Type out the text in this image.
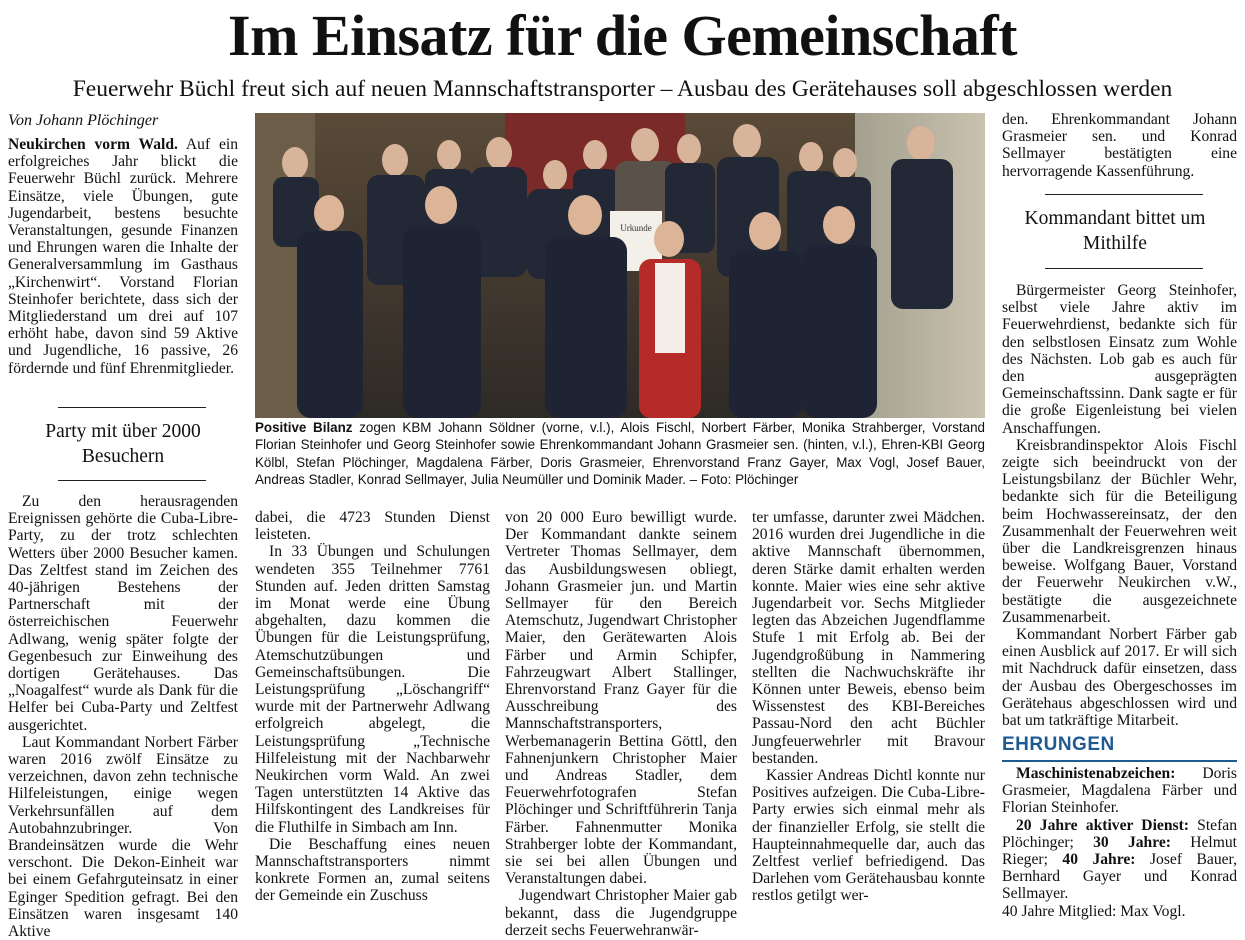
Im Einsatz für die Gemeinschaft
Feuerwehr Büchl freut sich auf neuen Mannschaftstransporter – Ausbau des Gerätehauses soll abgeschlossen werden
Von Johann Plöchinger

Neukirchen vorm Wald. Auf ein erfolgreiches Jahr blickt die Feuerwehr Büchl zurück. Mehrere Einsätze, viele Übungen, gute Jugendarbeit, bestens besuchte Veranstaltungen, gesunde Finanzen und Ehrungen waren die Inhalte der Generalversammlung im Gasthaus „Kirchenwirt“. Vorstand Florian Steinhofer berichtete, dass sich der Mitgliederstand um drei auf 107 erhöht habe, davon sind 59 Aktive und Jugendliche, 16 passive, 26 fördernde und fünf Ehrenmitglieder.

Party mit über 2000 Besuchern

Zu den herausragenden Ereignissen gehörte die Cuba-Libre-Party, zu der trotz schlechten Wetters über 2000 Besucher kamen. Das Zeltfest stand im Zeichen des 40-jährigen Bestehens der Partnerschaft mit der österreichischen Feuerwehr Adlwang, wenig später folgte der Gegenbesuch zur Einweihung des dortigen Gerätehauses. Das „Noagalfest“ wurde als Dank für die Helfer bei Cuba-Party und Zeltfest ausgerichtet.

Laut Kommandant Norbert Färber waren 2016 zwölf Einsätze zu verzeichnen, davon zehn technische Hilfeleistungen, einige wegen Verkehrsunfällen auf dem Autobahnzubringer. Von Brandeinsätzen wurde die Wehr verschont. Die Dekon-Einheit war bei einem Gefahrguteinsatz in einer Eginger Spedition gefragt. Bei den Einsätzen waren insgesamt 140 Aktive

Urkunde
Positive Bilanz zogen KBM Johann Söldner (vorne, v.l.), Alois Fischl, Norbert Färber, Monika Strahberger, Vorstand Florian Steinhofer und Georg Steinhofer sowie Ehrenkommandant Johann Grasmeier sen. (hinten, v.l.), Ehren-KBI Georg Kölbl, Stefan Plöchinger, Magdalena Färber, Doris Grasmeier, Ehrenvorstand Franz Gayer, Max Vogl, Josef Bauer, Andreas Stadler, Konrad Sellmayer, Julia Neumüller und Dominik Mader. – Foto: Plöchinger

dabei, die 4723 Stunden Dienst leisteten.

In 33 Übungen und Schulungen wendeten 355 Teilnehmer 7761 Stunden auf. Jeden dritten Samstag im Monat werde eine Übung abgehalten, dazu kommen die Übungen für die Leistungsprüfung, Atemschutzübungen und Gemeinschaftsübungen. Die Leistungsprüfung „Löschangriff“ wurde mit der Partnerwehr Adlwang erfolgreich abgelegt, die Leistungsprüfung „Technische Hilfeleistung mit der Nachbarwehr Neukirchen vorm Wald. An zwei Tagen unterstützten 14 Aktive das Hilfskontingent des Landkreises für die Fluthilfe in Simbach am Inn.

Die Beschaffung eines neuen Mannschaftstransporters nimmt konkrete Formen an, zumal seitens der Gemeinde ein Zuschuss

von 20 000 Euro bewilligt wurde. Der Kommandant dankte seinem Vertreter Thomas Sellmayer, dem das Ausbildungswesen obliegt, Johann Grasmeier jun. und Martin Sellmayer für den Bereich Atemschutz, Jugendwart Christopher Maier, den Gerätewarten Alois Färber und Armin Schipfer, Fahrzeugwart Albert Stallinger, Ehrenvorstand Franz Gayer für die Ausschreibung des Mannschaftstransporters, Werbemanagerin Bettina Göttl, den Fahnenjunkern Christopher Maier und Andreas Stadler, dem Feuerwehrfotografen Stefan Plöchinger und Schriftführerin Tanja Färber. Fahnenmutter Monika Strahberger lobte der Kommandant, sie sei bei allen Übungen und Veranstaltungen dabei.

Jugendwart Christopher Maier gab bekannt, dass die Jugendgruppe derzeit sechs Feuerwehranwär-

ter umfasse, darunter zwei Mädchen. 2016 wurden drei Jugendliche in die aktive Mannschaft übernommen, deren Stärke damit erhalten werden konnte. Maier wies eine sehr aktive Jugendarbeit vor. Sechs Mitglieder legten das Abzeichen Jugendflamme Stufe 1 mit Erfolg ab. Bei der Jugendgroßübung in Nammering stellten die Nachwuchskräfte ihr Können unter Beweis, ebenso beim Wissenstest des KBI-Bereiches Passau-Nord den acht Büchler Jungfeuerwehrler mit Bravour bestanden.

Kassier Andreas Dichtl konnte nur Positives aufzeigen. Die Cuba-Libre-Party erwies sich einmal mehr als der finanzieller Erfolg, sie stellt die Haupteinnahmequelle dar, auch das Zeltfest verlief befriedigend. Das Darlehen vom Gerätehausbau konnte restlos getilgt wer-

den. Ehrenkommandant Johann Grasmeier sen. und Konrad Sellmayer bestätigten eine hervorragende Kassenführung.

Kommandant bittet um Mithilfe

Bürgermeister Georg Steinhofer, selbst viele Jahre aktiv im Feuerwehrdienst, bedankte sich für den selbstlosen Einsatz zum Wohle des Nächsten. Lob gab es auch für den ausgeprägten Gemeinschaftssinn. Dank sagte er für die große Eigenleistung bei vielen Anschaffungen.

Kreisbrandinspektor Alois Fischl zeigte sich beeindruckt von der Leistungsbilanz der Büchler Wehr, bedankte sich für die Beteiligung beim Hochwassereinsatz, der den Zusammenhalt der Feuerwehren weit über die Landkreisgrenzen hinaus beweise. Wolfgang Bauer, Vorstand der Feuerwehr Neukirchen v.W., bestätigte die ausgezeichnete Zusammenarbeit.

Kommandant Norbert Färber gab einen Ausblick auf 2017. Er will sich mit Nachdruck dafür einsetzen, dass der Ausbau des Obergeschosses im Gerätehaus abgeschlossen wird und bat um tatkräftige Mitarbeit.

EHRUNGEN

Maschinistenabzeichen: Doris Grasmeier, Magdalena Färber und Florian Steinhofer.

20 Jahre aktiver Dienst: Stefan Plöchinger; 30 Jahre: Helmut Rieger; 40 Jahre: Josef Bauer, Bernhard Gayer und Konrad Sellmayer.

40 Jahre Mitglied: Max Vogl.
